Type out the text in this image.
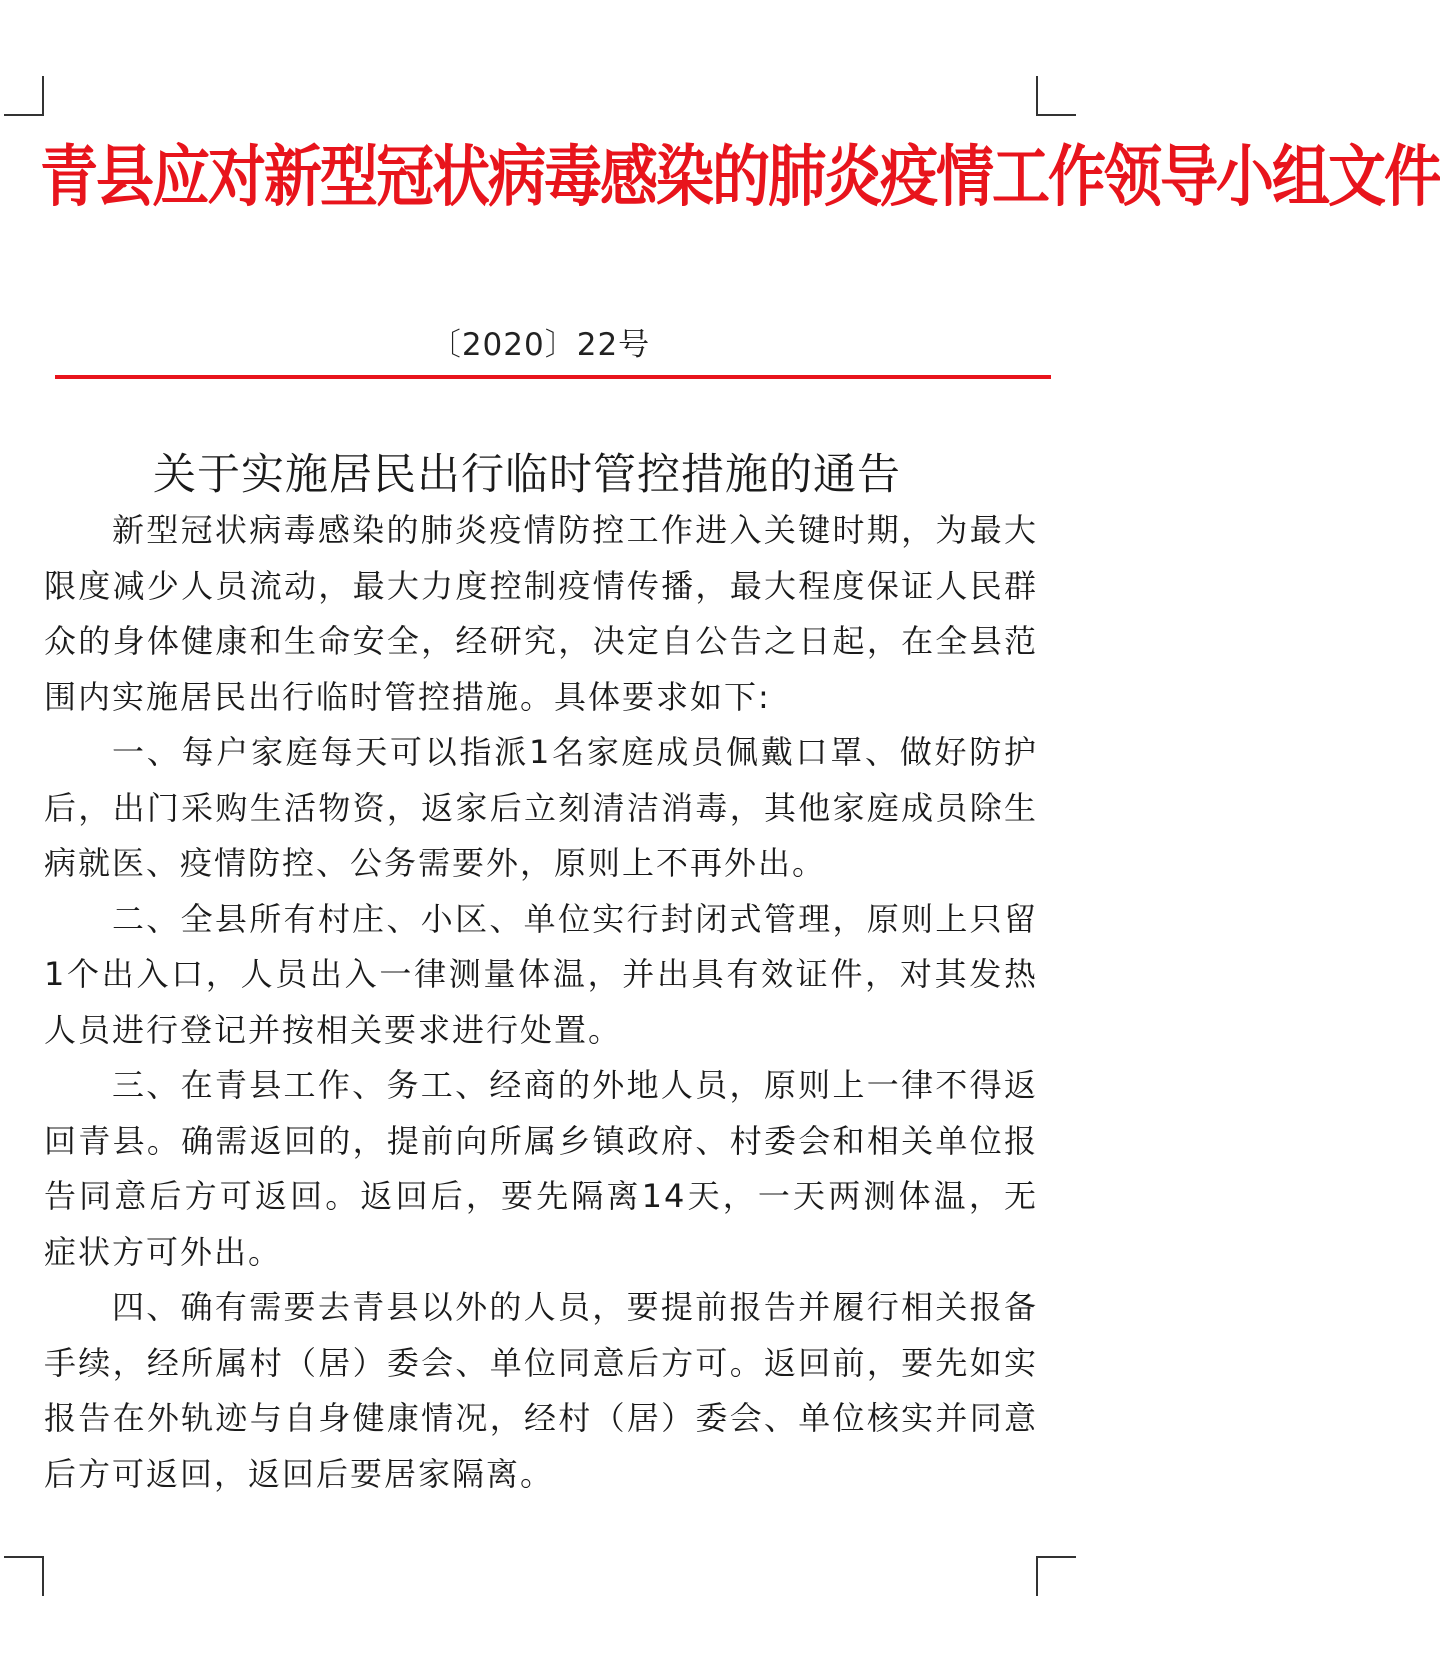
青县应对新型冠状病毒感染的肺炎疫情工作领导小组文件
〔2020〕22号
关于实施居民出行临时管控措施的通告

新型冠状病毒感染的肺炎疫情防控工作进入关键时期，为最大限度减少人员流动，最大力度控制疫情传播，最大程度保证人民群众的身体健康和生命安全，经研究，决定自公告之日起，在全县范围内实施居民出行临时管控措施。具体要求如下:

一、每户家庭每天可以指派1名家庭成员佩戴口罩、做好防护后，出门采购生活物资，返家后立刻清洁消毒，其他家庭成员除生病就医、疫情防控、公务需要外，原则上不再外出。

二、全县所有村庄、小区、单位实行封闭式管理，原则上只留 1个出入口，人员出入一律测量体温，并出具有效证件，对其发热人员进行登记并按相关要求进行处置。

三、在青县工作、务工、经商的外地人员，原则上一律不得返回青县。确需返回的，提前向所属乡镇政府、村委会和相关单位报告同意后方可返回。返回后，要先隔离14天，一天两测体温，无症状方可外出。

四、确有需要去青县以外的人员，要提前报告并履行相关报备手续，经所属村（居）委会、单位同意后方可。返回前，要先如实报告在外轨迹与自身健康情况，经村（居）委会、单位核实并同意后方可返回，返回后要居家隔离。
